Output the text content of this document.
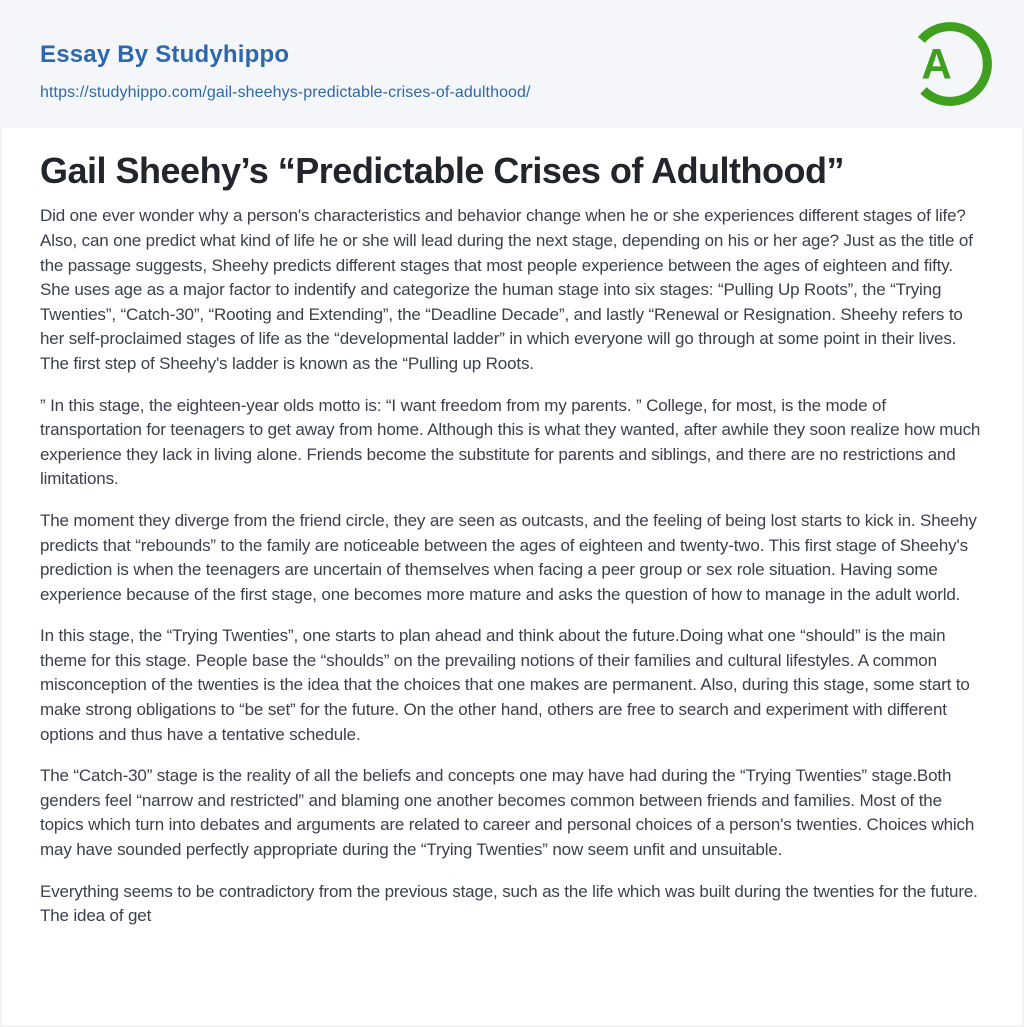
Essay By Studyhippo
https://studyhippo.com/gail-sheehys-predictable-crises-of-adulthood/
A
Gail Sheehy’s “Predictable Crises of Adulthood”

Did one ever wonder why a person's characteristics and behavior change when he or she experiences different stages of life? Also, can one predict what kind of life he or she will lead during the next stage, depending on his or her age? Just as the title of the passage suggests, Sheehy predicts different stages that most people experience between the ages of eighteen and fifty. She uses age as a major factor to indentify and categorize the human stage into six stages: “Pulling Up Roots”, the “Trying Twenties”, “Catch-30”, “Rooting and Extending”, the “Deadline Decade”, and lastly “Renewal or Resignation. Sheehy refers to her self-proclaimed stages of life as the “developmental ladder” in which everyone will go through at some point in their lives. The first step of Sheehy's ladder is known as the “Pulling up Roots.

” In this stage, the eighteen-year olds motto is: “I want freedom from my parents. ” College, for most, is the mode of transportation for teenagers to get away from home. Although this is what they wanted, after awhile they soon realize how much experience they lack in living alone. Friends become the substitute for parents and siblings, and there are no restrictions and limitations.

The moment they diverge from the friend circle, they are seen as outcasts, and the feeling of being lost starts to kick in. Sheehy predicts that “rebounds” to the family are noticeable between the ages of eighteen and twenty-two. This first stage of Sheehy's prediction is when the teenagers are uncertain of themselves when facing a peer group or sex role situation. Having some experience because of the first stage, one becomes more mature and asks the question of how to manage in the adult world.

In this stage, the “Trying Twenties”, one starts to plan ahead and think about the future.Doing what one “should” is the main theme for this stage. People base the “shoulds” on the prevailing notions of their families and cultural lifestyles. A common misconception of the twenties is the idea that the choices that one makes are permanent. Also, during this stage, some start to make strong obligations to “be set” for the future. On the other hand, others are free to search and experiment with different options and thus have a tentative schedule.

The “Catch-30” stage is the reality of all the beliefs and concepts one may have had during the “Trying Twenties” stage.Both genders feel “narrow and restricted” and blaming one another becomes common between friends and families. Most of the topics which turn into debates and arguments are related to career and personal choices of a person's twenties. Choices which may have sounded perfectly appropriate during the “Trying Twenties” now seem unfit and unsuitable.

Everything seems to be contradictory from the previous stage, such as the life which was built during the twenties for the future. The idea of get
